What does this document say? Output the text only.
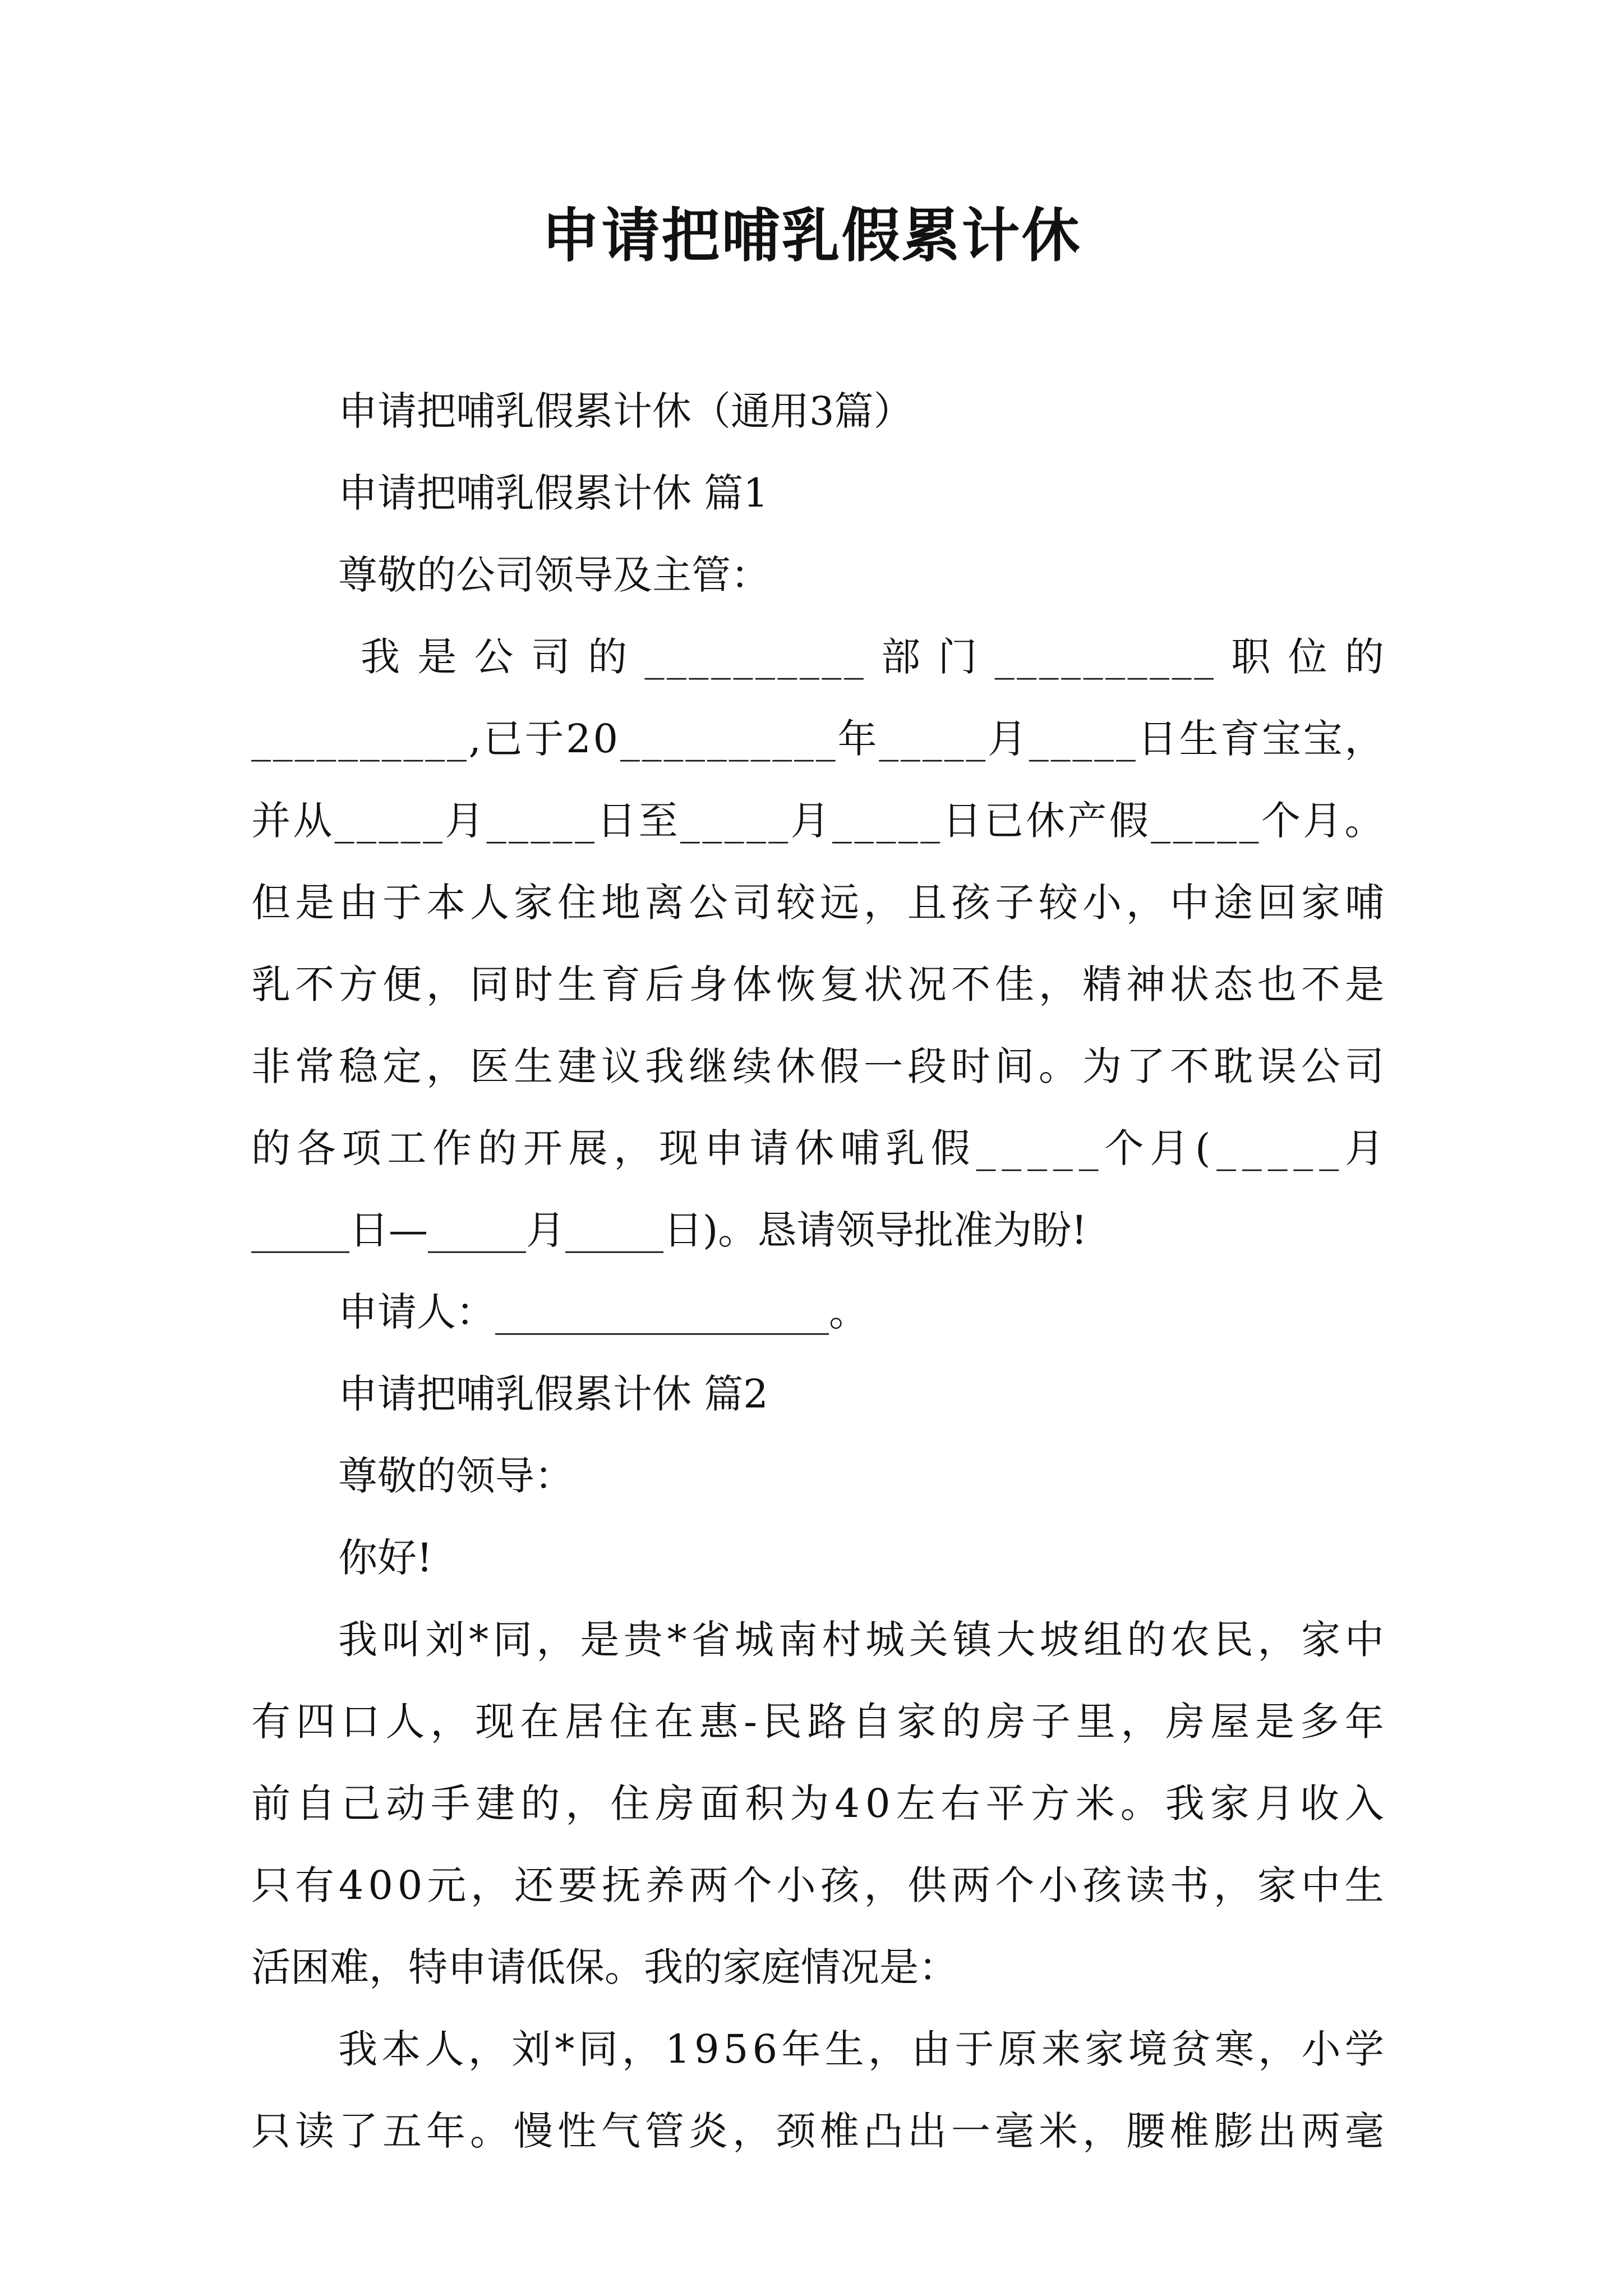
申请把哺乳假累计休
申请把哺乳假累计休（通用3篇）
申请把哺乳假累计休 篇1
尊敬的公司领导及主管：
我
是
公
司
的
_ _ _ _ _ _ _ _ _ _
部
门
_ _ _ _ _ _ _ _ _ _
职
位
的
_ _ _ _ _ _ _ _ _ _ , 已 于 2 0 _ _ _ _ _ _ _ _ _ _ 年 _ _ _ _ _ 月 _ _ _ _ _ 日 生 育 宝 宝 ，
并 从 _ _ _ _ _ 月 _ _ _ _ _ 日 至 _ _ _ _ _ 月 _ _ _ _ _ 日 已 休 产 假 _ _ _ _ _ 个 月 。
但 是 由 于 本 人 家 住 地 离 公 司 较 远 ， 且 孩 子 较 小 ， 中 途 回 家 哺
乳 不 方 便 ， 同 时 生 育 后 身 体 恢 复 状 况 不 佳 ， 精 神 状 态 也 不 是
非 常 稳 定 ， 医 生 建 议 我 继 续 休 假 一 段 时 间 。 为 了 不 耽 误 公 司
的 各 项 工 作 的 开 展 ， 现 申 请 休 哺 乳 假 _ _ _ _ _ 个 月 ( _ _ _ _ _ 月
_____日—_____月_____日)。恳请领导批准为盼!
申请人：_________________。
申请把哺乳假累计休 篇2
尊敬的领导：
你好!
我 叫 刘 * 同 ， 是 贵 * 省 城 南 村 城 关 镇 大 坡 组 的 农 民 ， 家 中
有 四 口 人 ， 现 在 居 住 在 惠 - 民 路 自 家 的 房 子 里 ， 房 屋 是 多 年
前 自 己 动 手 建 的 ， 住 房 面 积 为 4 0 左 右 平 方 米 。 我 家 月 收 入
只 有 4 0 0 元 ， 还 要 抚 养 两 个 小 孩 ， 供 两 个 小 孩 读 书 ， 家 中 生
活困难，特申请低保。我的家庭情况是：
我 本 人 ， 刘 * 同 ， 1 9 5 6 年 生 ， 由 于 原 来 家 境 贫 寒 ， 小 学
只 读 了 五 年 。 慢 性 气 管 炎 ， 颈 椎 凸 出 一 毫 米 ， 腰 椎 膨 出 两 毫
